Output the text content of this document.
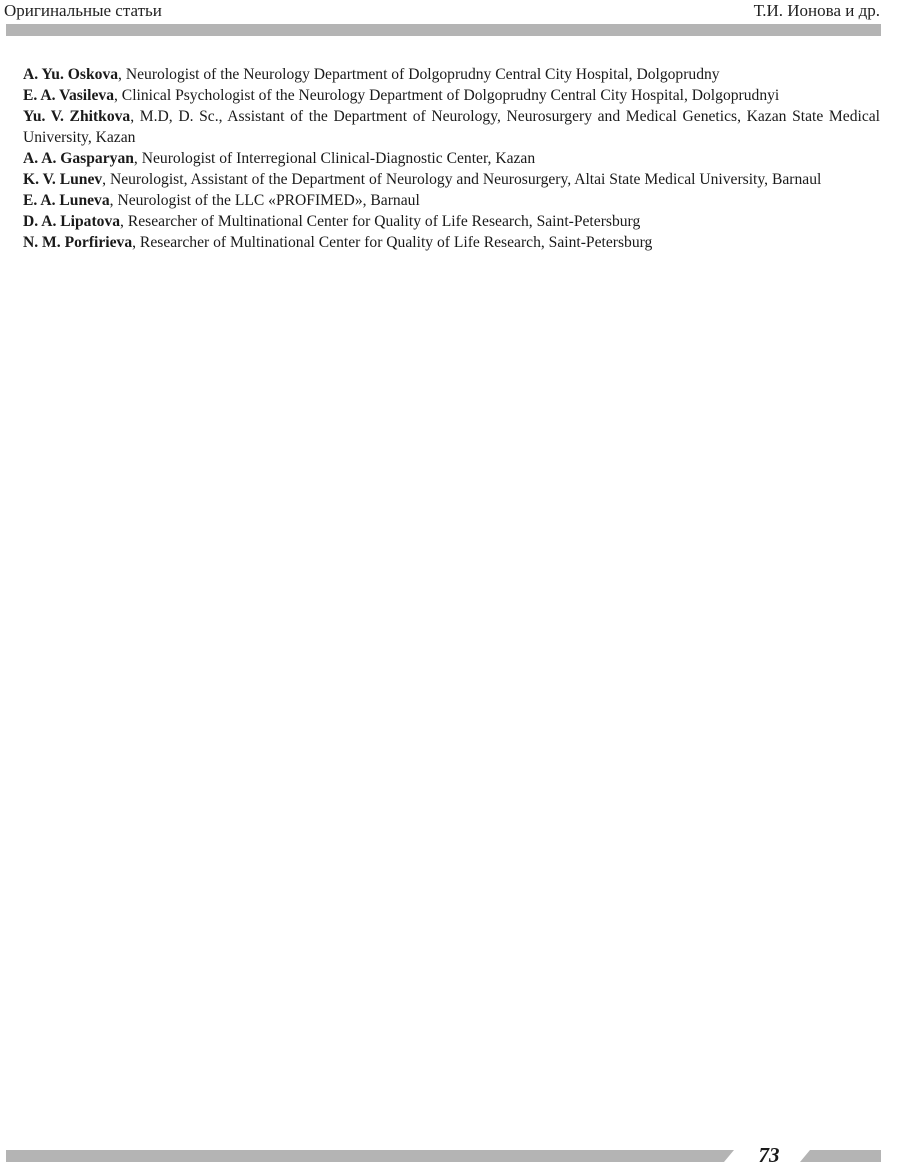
Оригинальные статьи	Т.И. Ионова и др.

A. Yu. Oskova, Neurologist of the Neurology Department of Dolgoprudny Central City Hospital, Dolgoprudny

E. A. Vasileva, Clinical Psychologist of the Neurology Department of Dolgoprudny Central City Hospital, Dolgoprudnyi

Yu. V. Zhitkova, M.D, D. Sc., Assistant of the Department of Neurology, Neurosurgery and Medical Genetics, Kazan State Medical University, Kazan

A. A. Gasparyan, Neurologist of Interregional Clinical-Diagnostic Center, Kazan

K. V. Lunev, Neurologist, Assistant of the Department of Neurology and Neurosurgery, Altai State Medical University, Barnaul

E. A. Luneva, Neurologist of the LLC «PROFIMED», Barnaul

D. A. Lipatova, Researcher of Multinational Center for Quality of Life Research, Saint-Petersburg

N. M. Porfirieva, Researcher of Multinational Center for Quality of Life Research, Saint-Petersburg

73
